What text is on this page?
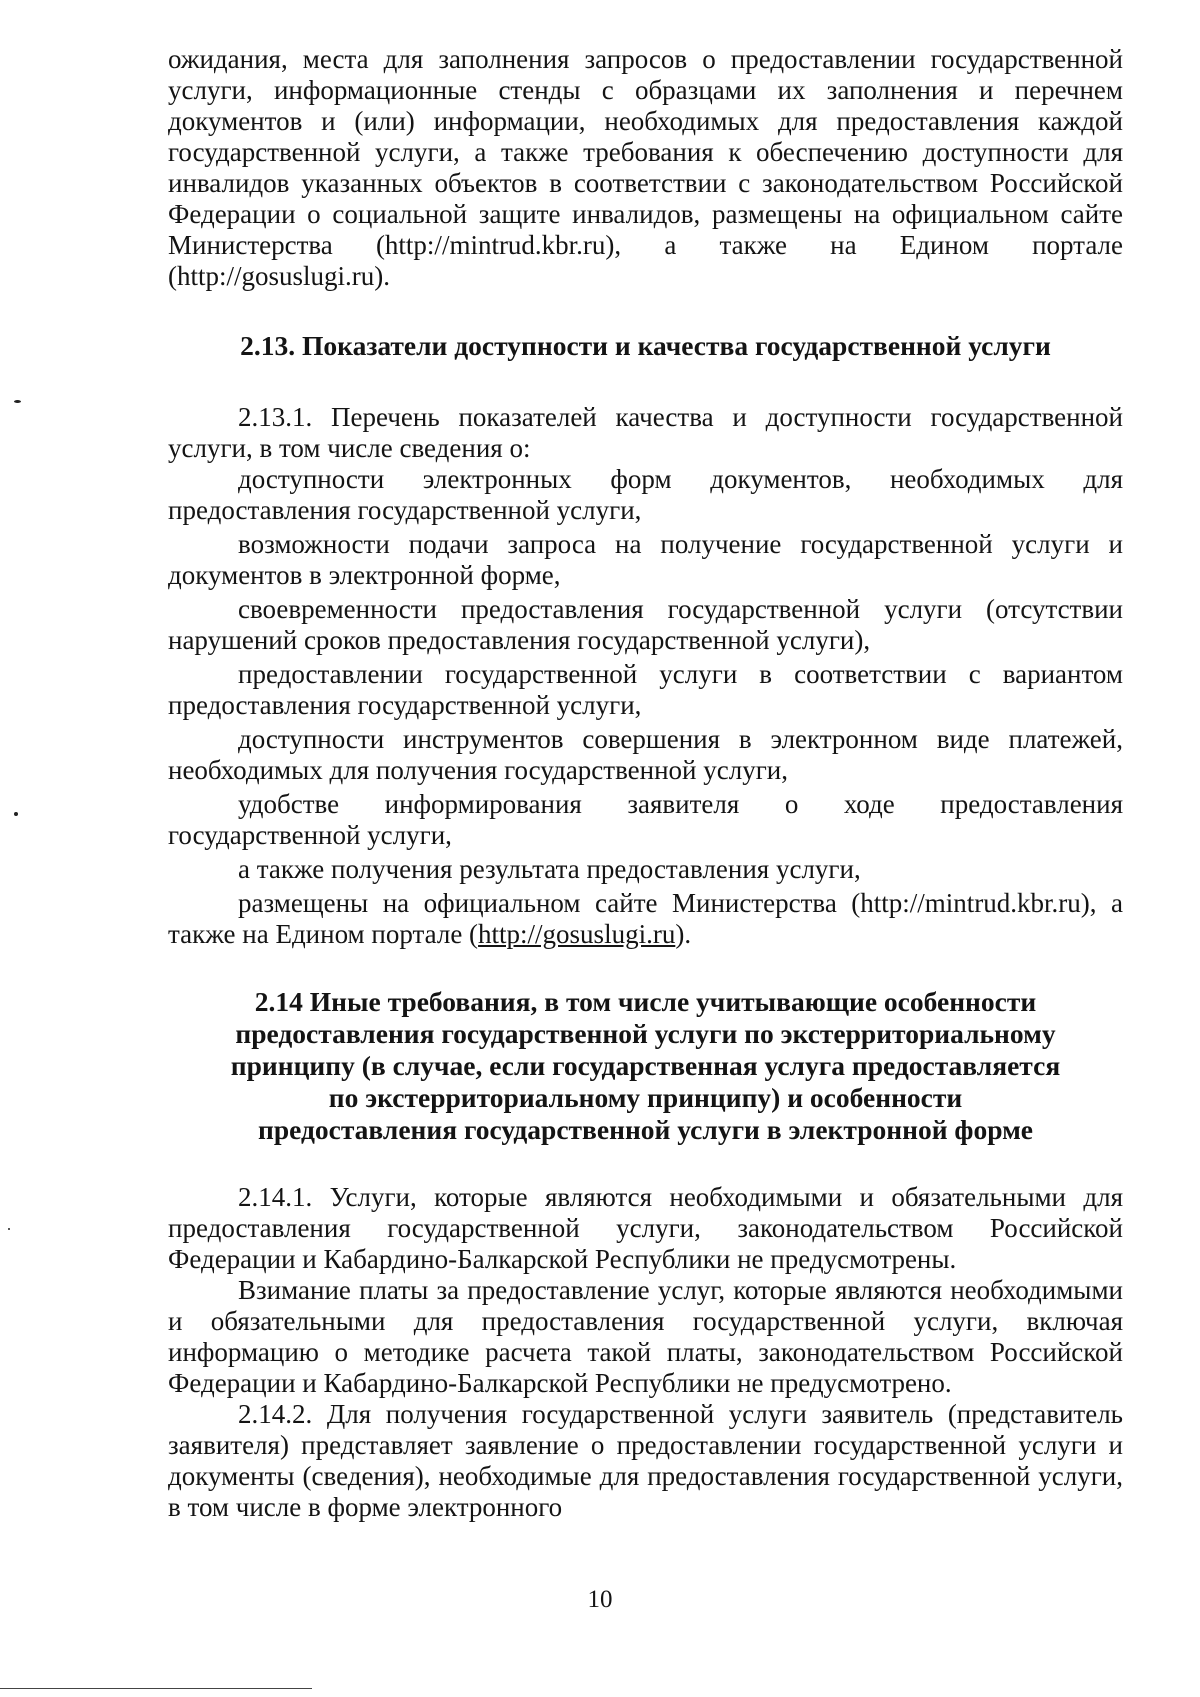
ожидания, места для заполнения запросов о предоставлении государственной услуги, информационные стенды с образцами их заполнения и перечнем документов и (или) информации, необходимых для предоставления каждой государственной услуги, а также требования к обеспечению доступности для инвалидов указанных объектов в соответствии с законодательством Российской Федерации о социальной защите инвалидов, размещены на официальном сайте Министерства (http://mintrud.kbr.ru), а также на Едином портале (http://gosuslugi.ru).

2.13. Показатели доступности и качества государственной услуги

2.13.1. Перечень показателей качества и доступности государственной услуги, в том числе сведения о:

доступности электронных форм документов, необходимых для предоставления государственной услуги,

возможности подачи запроса на получение государственной услуги и документов в электронной форме,

своевременности предоставления государственной услуги (отсутствии нарушений сроков предоставления государственной услуги),

предоставлении государственной услуги в соответствии с вариантом предоставления государственной услуги,

доступности инструментов совершения в электронном виде платежей, необходимых для получения государственной услуги,

удобстве информирования заявителя о ходе предоставления государственной услуги,

а также получения результата предоставления услуги,

размещены на официальном сайте Министерства (http://mintrud.kbr.ru), а также на Едином портале (http://gosuslugi.ru).

2.14 Иные требования, в том числе учитывающие особенности предоставления государственной услуги по экстерриториальному принципу (в случае, если государственная услуга предоставляется по экстерриториальному принципу) и особенности предоставления государственной услуги в электронной форме

2.14.1. Услуги, которые являются необходимыми и обязательными для предоставления государственной услуги, законодательством Российской Федерации и Кабардино-Балкарской Республики не предусмотрены.

Взимание платы за предоставление услуг, которые являются необходимыми и обязательными для предоставления государственной услуги, включая информацию о методике расчета такой платы, законодательством Российской Федерации и Кабардино-Балкарской Республики не предусмотрено.

2.14.2. Для получения государственной услуги заявитель (представитель заявителя) представляет заявление о предоставлении государственной услуги и документы (сведения), необходимые для предоставления государственной услуги, в том числе в форме электронного

10
